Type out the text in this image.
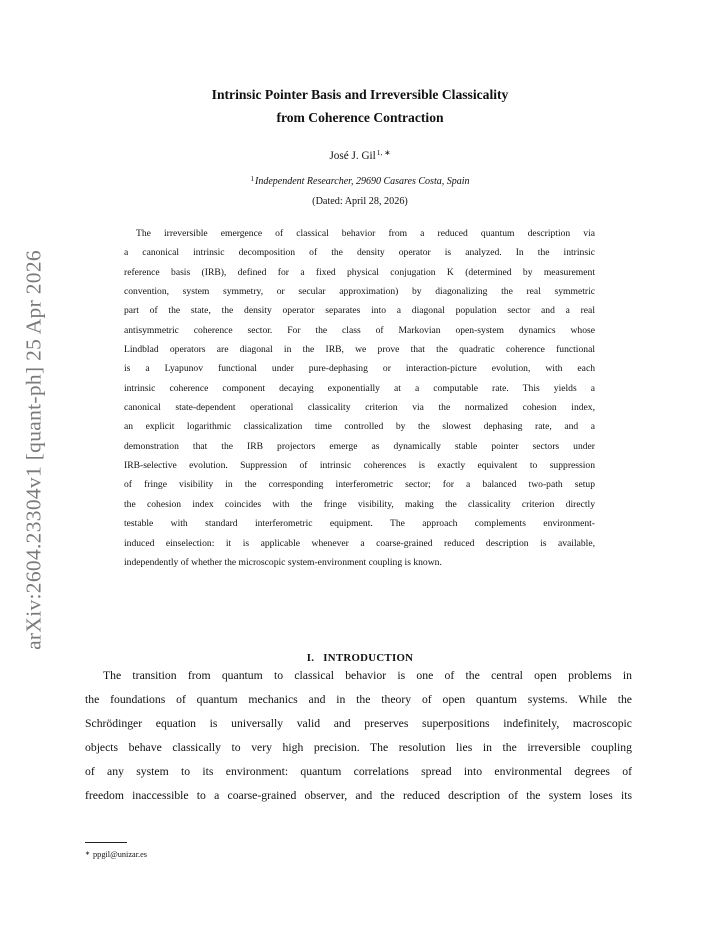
arXiv:2604.23304v1 [quant-ph] 25 Apr 2026
Intrinsic Pointer Basis and Irreversible Classicality
from Coherence Contraction
José J. Gil$^{1, ∗}$
$^1$Independent Researcher, 29690 Casares Costa, Spain
(Dated: April 28, 2026)
The irreversible emergence of classical behavior from a reduced quantum description via
a canonical intrinsic decomposition of the density operator is analyzed. In the intrinsic
reference basis (IRB), defined for a fixed physical conjugation K (determined by measurement
convention, system symmetry, or secular approximation) by diagonalizing the real symmetric
part of the state, the density operator separates into a diagonal population sector and a real
antisymmetric coherence sector. For the class of Markovian open-system dynamics whose
Lindblad operators are diagonal in the IRB, we prove that the quadratic coherence functional
is a Lyapunov functional under pure-dephasing or interaction-picture evolution, with each
intrinsic coherence component decaying exponentially at a computable rate. This yields a
canonical state-dependent operational classicality criterion via the normalized cohesion index,
an explicit logarithmic classicalization time controlled by the slowest dephasing rate, and a
demonstration that the IRB projectors emerge as dynamically stable pointer sectors under
IRB-selective evolution. Suppression of intrinsic coherences is exactly equivalent to suppression
of fringe visibility in the corresponding interferometric sector; for a balanced two-path setup
the cohesion index coincides with the fringe visibility, making the classicality criterion directly
testable with standard interferometric equipment. The approach complements environment-
induced einselection: it is applicable whenever a coarse-grained reduced description is available,
independently of whether the microscopic system-environment coupling is known.
I. INTRODUCTION
The transition from quantum to classical behavior is one of the central open problems in
the foundations of quantum mechanics and in the theory of open quantum systems. While the
Schrödinger equation is universally valid and preserves superpositions indefinitely, macroscopic
objects behave classically to very high precision. The resolution lies in the irreversible coupling
of any system to its environment: quantum correlations spread into environmental degrees of
freedom inaccessible to a coarse-grained observer, and the reduced description of the system loses its
∗ ppgil@unizar.es
